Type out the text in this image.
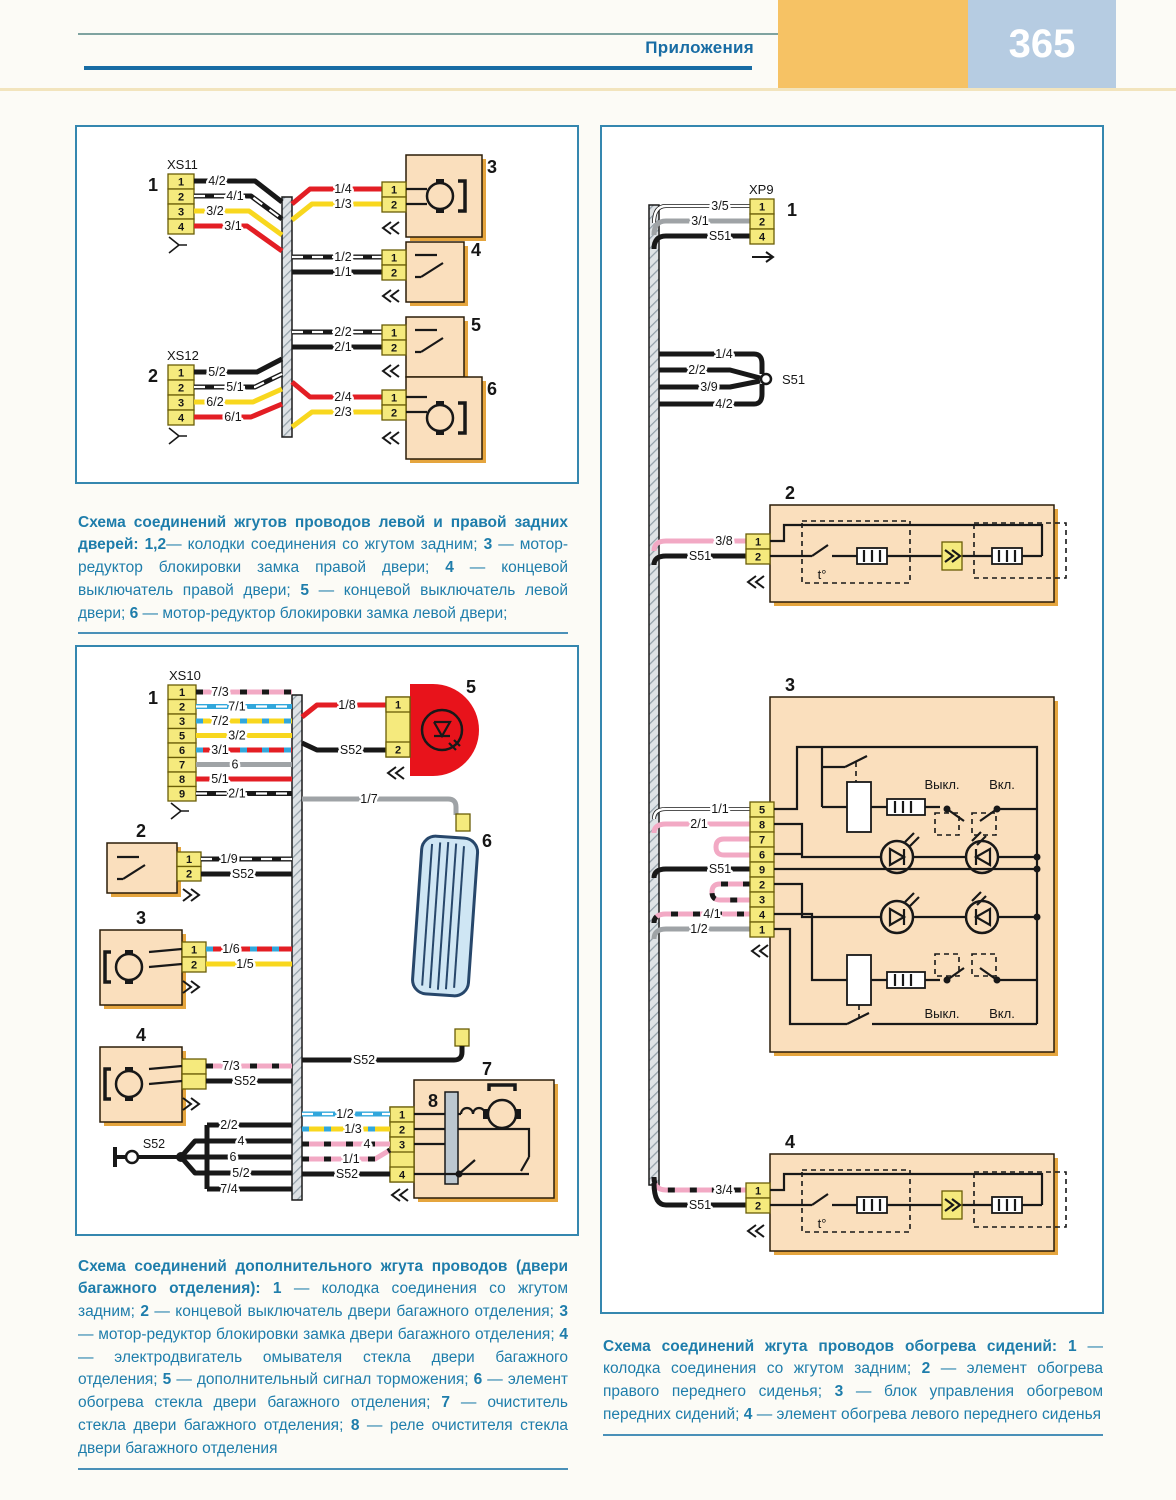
Приложения	365
XS11
1 1
2
3
4
4/2
4/1
3/2
3/1
1/4
1/3
1
2
3
1/2
1/1
1
2
4
2/2
2/1
1
2
5
2/4
2/3
1
2
6
XS12
2 1
2
3
4
5/2
5/1
6/2
6/1

Схема соединений жгутов проводов левой и правой задних дверей: 1,2— колодки соединения со жгутом задним; 3 — мотор-редуктор блокировки замка правой двери; 4 — концевой выключатель правой двери; 5 — концевой выключатель левой двери; 6 — мотор-редуктор блокировки замка левой двери;

XS10
1 1
2
3
5
6
7
8
9
7/3
7/1
7/2
3/2
3/1
6
5/1
2/1
1/8
S52
1
2
5
1/7
S52
6
1
2
1/9
S52
2
1
2
1/6
1/5
3
7/3
S52
4
S52
2/2
4
6
5/2
7/4
7
8
1
2
3
4
1/2
1/3
4
1/1
S52

Схема соединений дополнительного жгута проводов (двери багажного отделения): 1 — колодка соединения со жгутом задним; 2 — концевой выключатель двери багажного отделения; 3 — мотор-редуктор блокировки замка двери багажного отделения; 4 — электродвигатель омывателя стекла двери багажного отделения; 5 — дополнительный сигнал торможения; 6 — элемент обогрева стекла двери багажного отделения; 7 — очиститель стекла двери багажного отделения; 8 — реле очистителя стекла двери багажного отделения

XP9
1
3/5
3/1
S51
1
2
4
1/4
2/2
3/9
4/2
S51
2
3/8
S51
1
2
t°
3
1/1
2/1
S51
4/1
1/2
5
8
7
6
9
2
3
4
1
Выкл. Вкл.
Выкл. Вкл.
4
3/4
S51
1
2
t°

Схема соединений жгута проводов обогрева сидений: 1 — колодка соединения со жгутом задним; 2 — элемент обогрева правого переднего сиденья; 3 — блок управления обогревом передних сидений; 4 — элемент обогрева левого переднего сиденья
